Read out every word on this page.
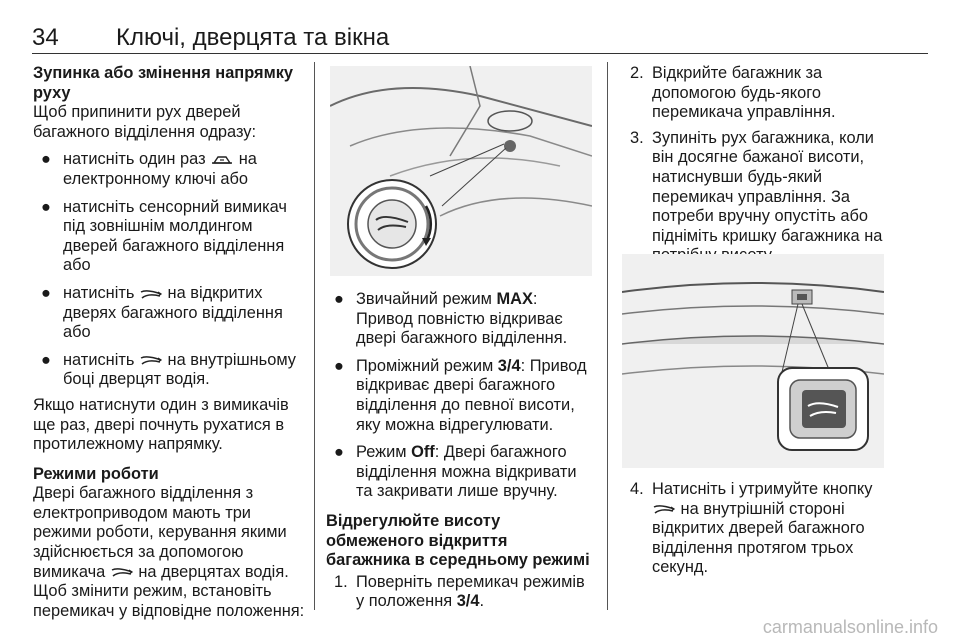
34 Ключі, дверцята та вікна

Зупинка або змінення напрямку руху

Щоб припинити рух дверей багажного відділення одразу:

● натисніть один раз
на електронному ключі або
● натисніть сенсорний вимикач під зовнішнім молдингом дверей багажного відділення або
● натисніть
на відкритих дверях багажного відділення або
● натисніть
на внутрішньому боці дверцят водія.

Якщо натиснути один з вимикачів ще раз, двері почнуть рухатися в протилежному напрямку.

Режими роботи

Двері багажного відділення з електроприводом мають три режими роботи, керування якими здійснюється за допомогою вимикача
на дверцятах водія. Щоб змінити режим, встановіть перемикач у відповідне положення:

● Звичайний режим MAX: Привод повністю відкриває двері багажного відділення.
● Проміжний режим 3/4: Привод відкриває двері багажного відділення до певної висоти, яку можна відрегулювати.
● Режим Off: Двері багажного відділення можна відкривати та закривати лише вручну.

Відрегулюйте висоту обмеженого відкриття багажника в середньому режимі

1. Поверніть перемикач режимів у положення 3/4.
2. Відкрийте багажник за допомогою будь-якого перемикача управління.
3. Зупиніть рух багажника, коли він досягне бажаної висоти, натиснувши будь-який перемикач управління. За потреби вручну опустіть або підніміть кришку багажника на
4. Натисніть і утримуйте кнопку
на внутрішній стороні відкритих дверей багажного відділення протягом трьох секунд.
carmanualsonline.info
